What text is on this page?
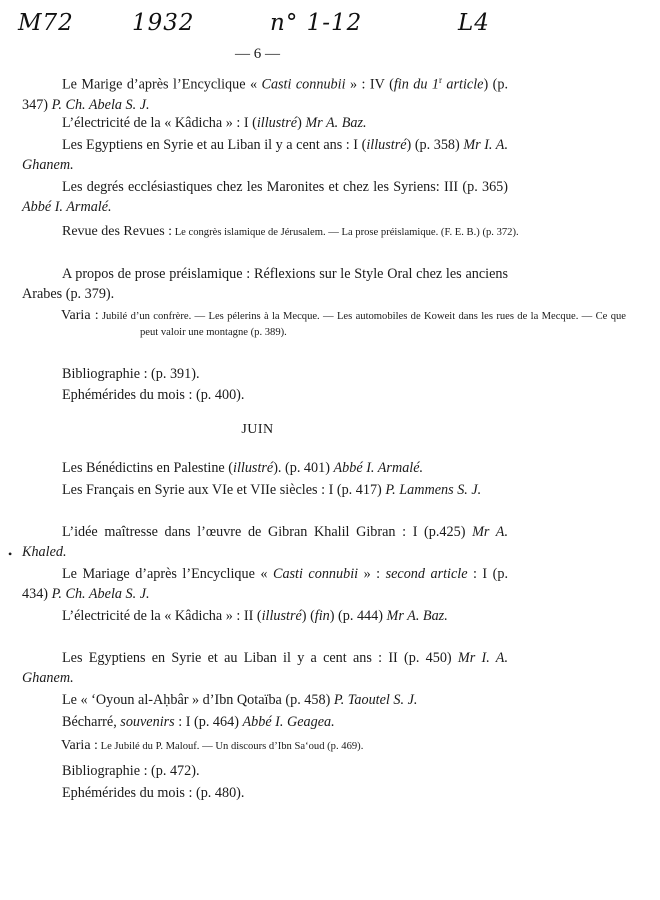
M72	1932	n° 1-12	L4
— 6 —
Le Marige d’après l’Encyclique « Casti connubii » : IV (fin du 1$^r$ article) (p. 347) P. Ch. Abela S. J.
L’électricité de la « Kâdicha » : I (illustré) Mr A. Baz.
Les Egyptiens en Syrie et au Liban il y a cent ans : I (illustré) (p. 358) Mr I. A. Ghanem.
Les degrés ecclésiastiques chez les Maronites et chez les Syriens: III (p. 365) Abbé I. Armalé.
Revue des Revues : Le congrès islamique de Jérusalem. — La prose préislamique. (F. E. B.) (p. 372).
A propos de prose préislamique : Réflexions sur le Style Oral chez les anciens Arabes (p. 379).
Varia : Jubilé d’un confrère. — Les pélerins à la Mecque. — Les automobiles de Koweit dans les rues de la Mecque. — Ce que peut valoir une montagne (p. 389).
Bibliographie : (p. 391).
Ephémérides du mois : (p. 400).
JUIN
•
Les Bénédictins en Palestine (illustré). (p. 401) Abbé I. Armalé.
Les Français en Syrie aux VIe et VIIe siècles : I (p. 417) P. Lammens S. J.
L’idée maîtresse dans l’œuvre de Gibran Khalil Gibran : I (p.425) Mr A. Khaled.
Le Mariage d’après l’Encyclique « Casti connubii » : second article : I (p. 434) P. Ch. Abela S. J.
L’électricité de la « Kâdicha » : II (illustré) (fin) (p. 444) Mr A. Baz.
Les Egyptiens en Syrie et au Liban il y a cent ans : II (p. 450) Mr I. A. Ghanem.
Le « ‘Oyoun al-Aḥbâr » d’Ibn Qotaïba (p. 458) P. Taoutel S. J.
Bécharré, souvenirs : I (p. 464) Abbé I. Geagea.
Varia : Le Jubilé du P. Malouf. — Un discours d’Ibn Sa‘oud (p. 469).
Bibliographie : (p. 472).
Ephémérides du mois : (p. 480).
